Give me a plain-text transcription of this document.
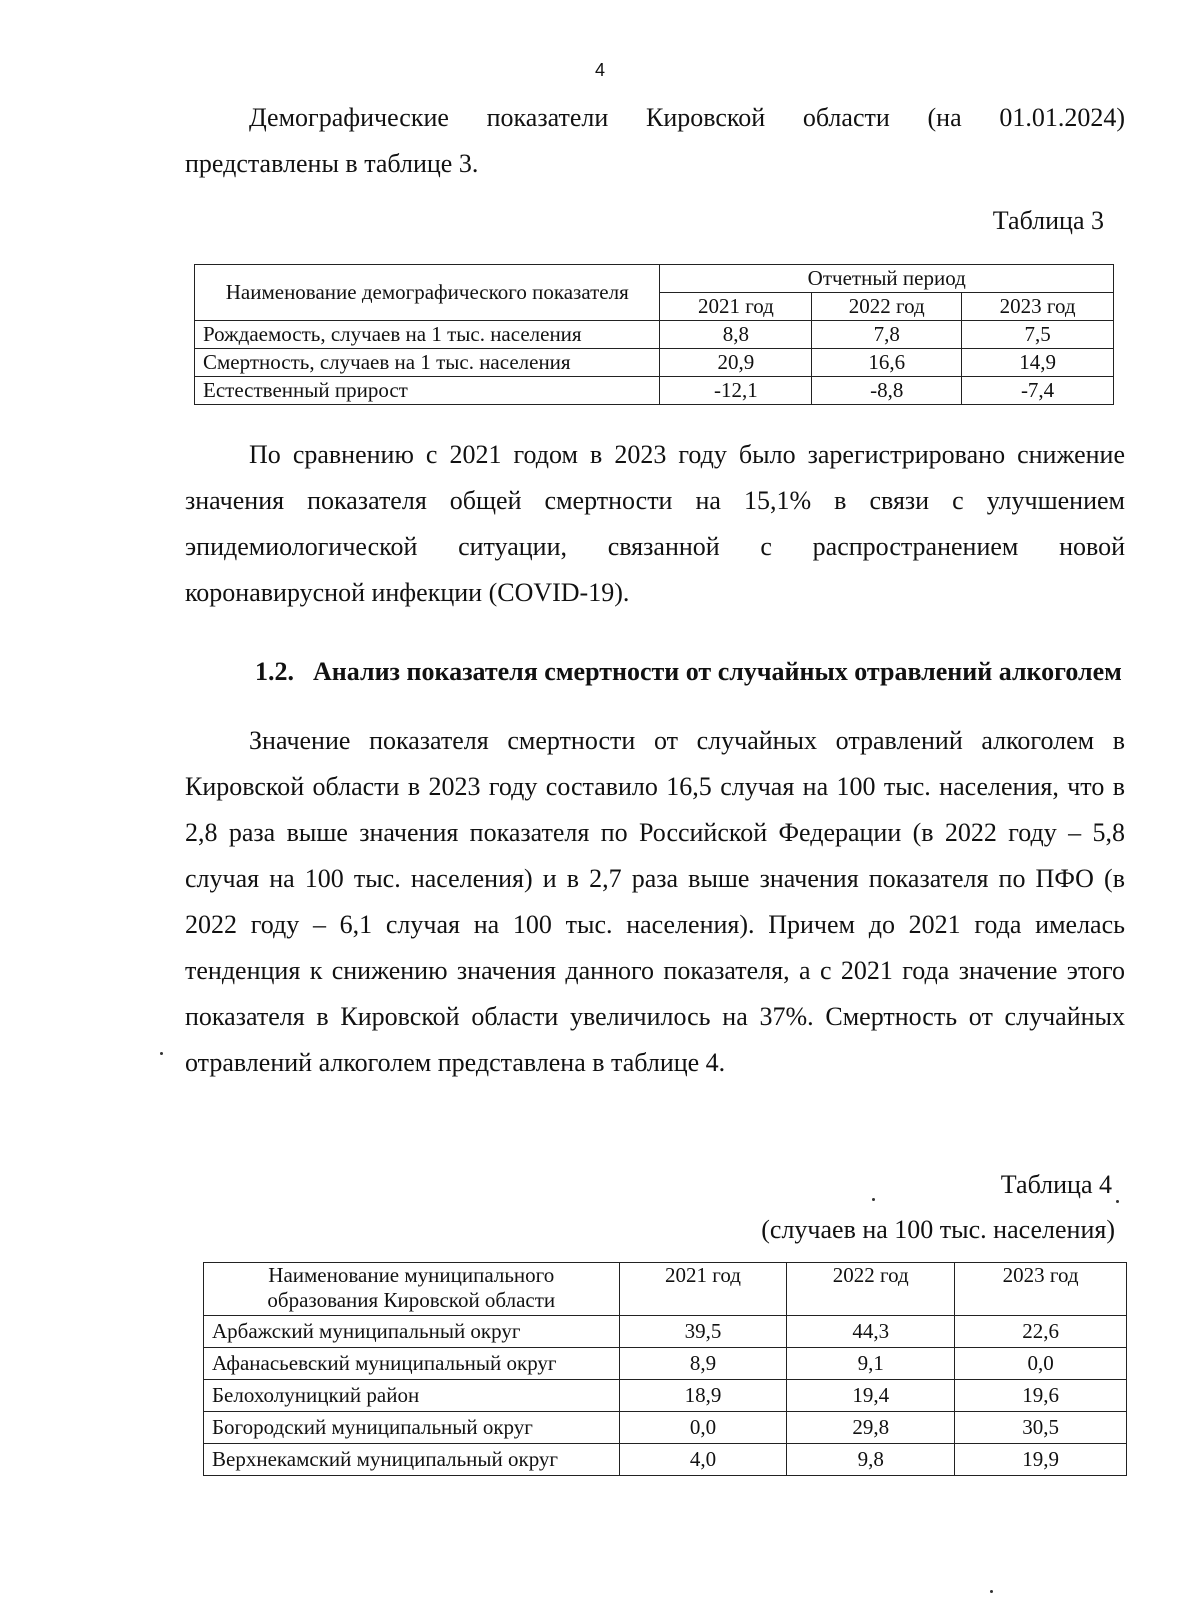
4

Демографические показатели Кировской области (на 01.01.2024) представлены в таблице 3.

Таблица 3
Наименование демографического показателя	Отчетный период		
	2021 год	2022 год	2023 год
Рождаемость, случаев на 1 тыс. населения	8,8	7,8	7,5
Смертность, случаев на 1 тыс. населения	20,9	16,6	14,9
Естественный прирост	-12,1	-8,8	-7,4

По сравнению с 2021 годом в 2023 году было зарегистрировано снижение значения показателя общей смертности на 15,1% в связи с улучшением эпидемиологической ситуации, связанной с распространением новой коронавирусной инфекции (COVID-19).

1.2. Анализ показателя смертности от случайных отравлений алкоголем

Значение показателя смертности от случайных отравлений алкоголем в Кировской области в 2023 году составило 16,5 случая на 100 тыс. населения, что в 2,8 раза выше значения показателя по Российской Федерации (в 2022 году – 5,8 случая на 100 тыс. населения) и в 2,7 раза выше значения показателя по ПФО (в 2022 году – 6,1 случая на 100 тыс. населения). Причем до 2021 года имелась тенденция к снижению значения данного показателя, а с 2021 года значение этого показателя в Кировской области увеличилось на 37%. Смертность от случайных отравлений алкоголем представлена в таблице 4.

Таблица 4
(случаев на 100 тыс. населения)
Наименование муниципального образования Кировской области	2021 год	2022 год	2023 год
Арбажский муниципальный округ	39,5	44,3	22,6
Афанасьевский муниципальный округ	8,9	9,1	0,0
Белохолуницкий район	18,9	19,4	19,6
Богородский муниципальный округ	0,0	29,8	30,5
Верхнекамский муниципальный округ	4,0	9,8	19,9
